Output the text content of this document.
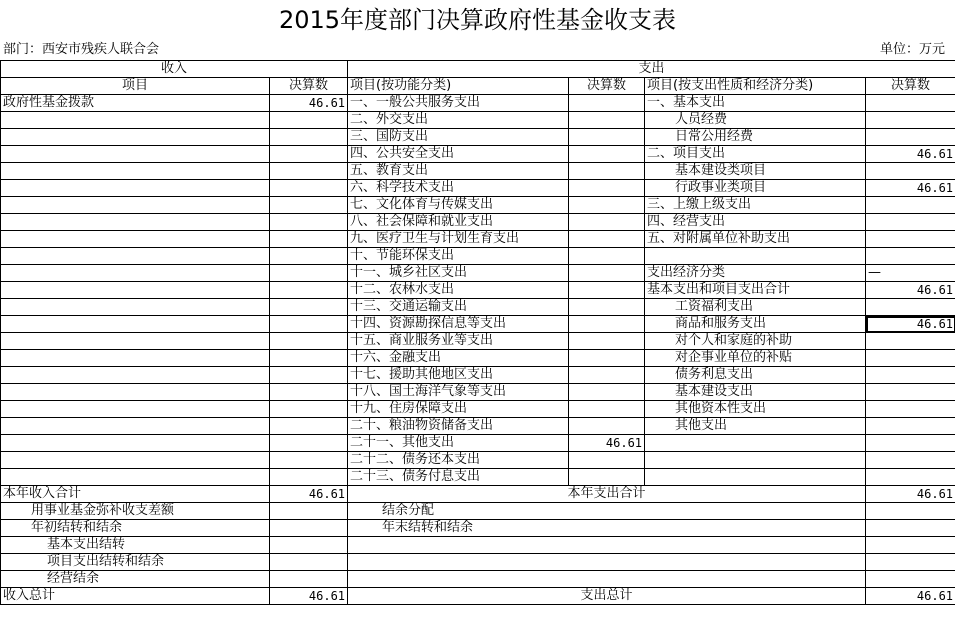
2015年度部门决算政府性基金收支表
部门：西安市残疾人联合会	单位：万元
收入		支出			
项目	决算数	项目(按功能分类)	决算数	项目(按支出性质和经济分类)	决算数
政府性基金拨款	46.61	一、一般公共服务支出		一、基本支出	
		二、外交支出		人员经费	
		三、国防支出		日常公用经费	
		四、公共安全支出		二、项目支出	46.61
		五、教育支出		基本建设类项目	
		六、科学技术支出		行政事业类项目	46.61
		七、文化体育与传媒支出		三、上缴上级支出	
		八、社会保障和就业支出		四、经营支出	
		九、医疗卫生与计划生育支出		五、对附属单位补助支出	
		十、节能环保支出			
		十一、城乡社区支出		支出经济分类	—
		十二、农林水支出		基本支出和项目支出合计	46.61
		十三、交通运输支出		工资福利支出	
		十四、资源勘探信息等支出		商品和服务支出	46.61
		十五、商业服务业等支出		对个人和家庭的补助	
		十六、金融支出		对企事业单位的补贴	
		十七、援助其他地区支出		债务利息支出	
		十八、国土海洋气象等支出		基本建设支出	
		十九、住房保障支出		其他资本性支出	
		二十、粮油物资储备支出		其他支出	
		二十一、其他支出	46.61		
		二十二、债务还本支出			
		二十三、债务付息支出			
本年收入合计	46.61	本年支出合计			46.61
用事业基金弥补收支差额		结余分配			
年初结转和结余		年末结转和结余			
基本支出结转					
项目支出结转和结余					
经营结余					
收入总计	46.61	支出总计			46.61
